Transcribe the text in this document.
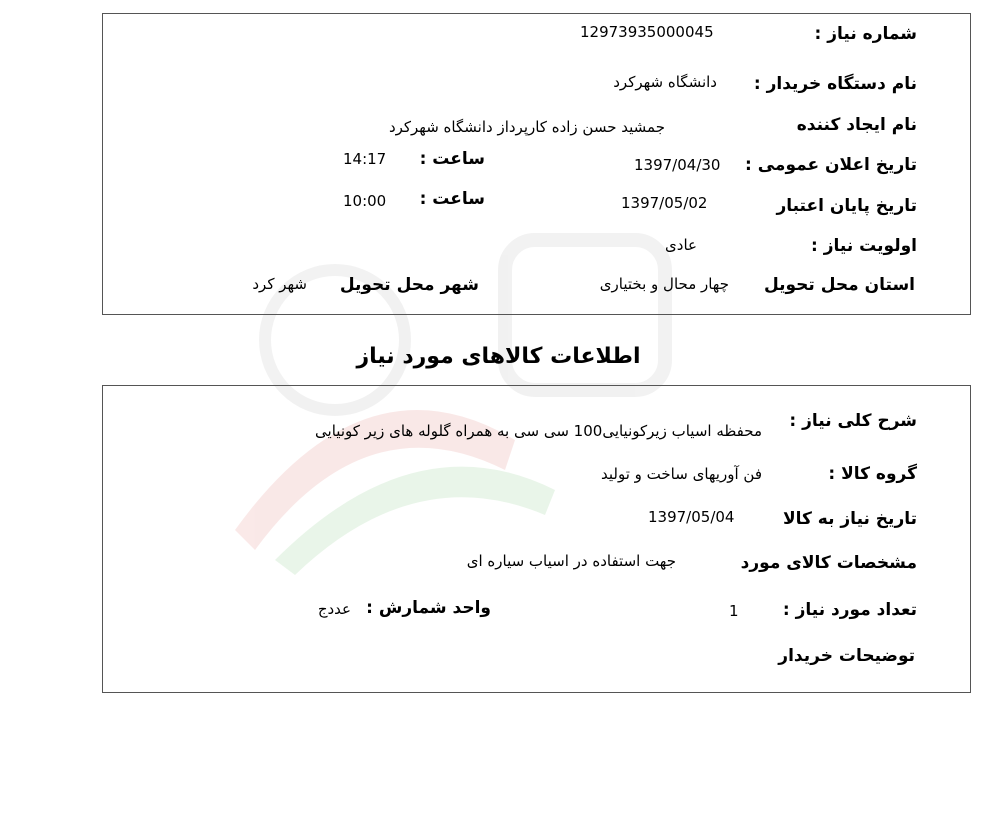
شماره نیاز :
12973935000045
نام دستگاه خریدار :
دانشگاه شهرکرد
نام ایجاد کننده
جمشید حسن زاده کارپرداز دانشگاه شهرکرد
تاریخ اعلان عمومی :
1397/04/30
ساعت :
14:17
تاریخ پایان اعتبار
1397/05/02
ساعت :
10:00
اولویت نیاز :
عادی
استان محل تحویل
چهار محال و بختیاری
شهر محل تحویل
شهر کرد
اطلاعات کالاهای مورد نیاز
شرح کلی نیاز :
محفظه اسیاب زیرکونیایی100 سی سی به همراه گلوله های زیر کونیایی
گروه کالا :
فن آوریهای ساخت و تولید
تاریخ نیاز به کالا
1397/05/04
مشخصات کالای مورد
جهت استفاده در اسیاب سیاره ای
تعداد مورد نیاز :
1
واحد شمارش :
عددج
توضیحات خریدار
